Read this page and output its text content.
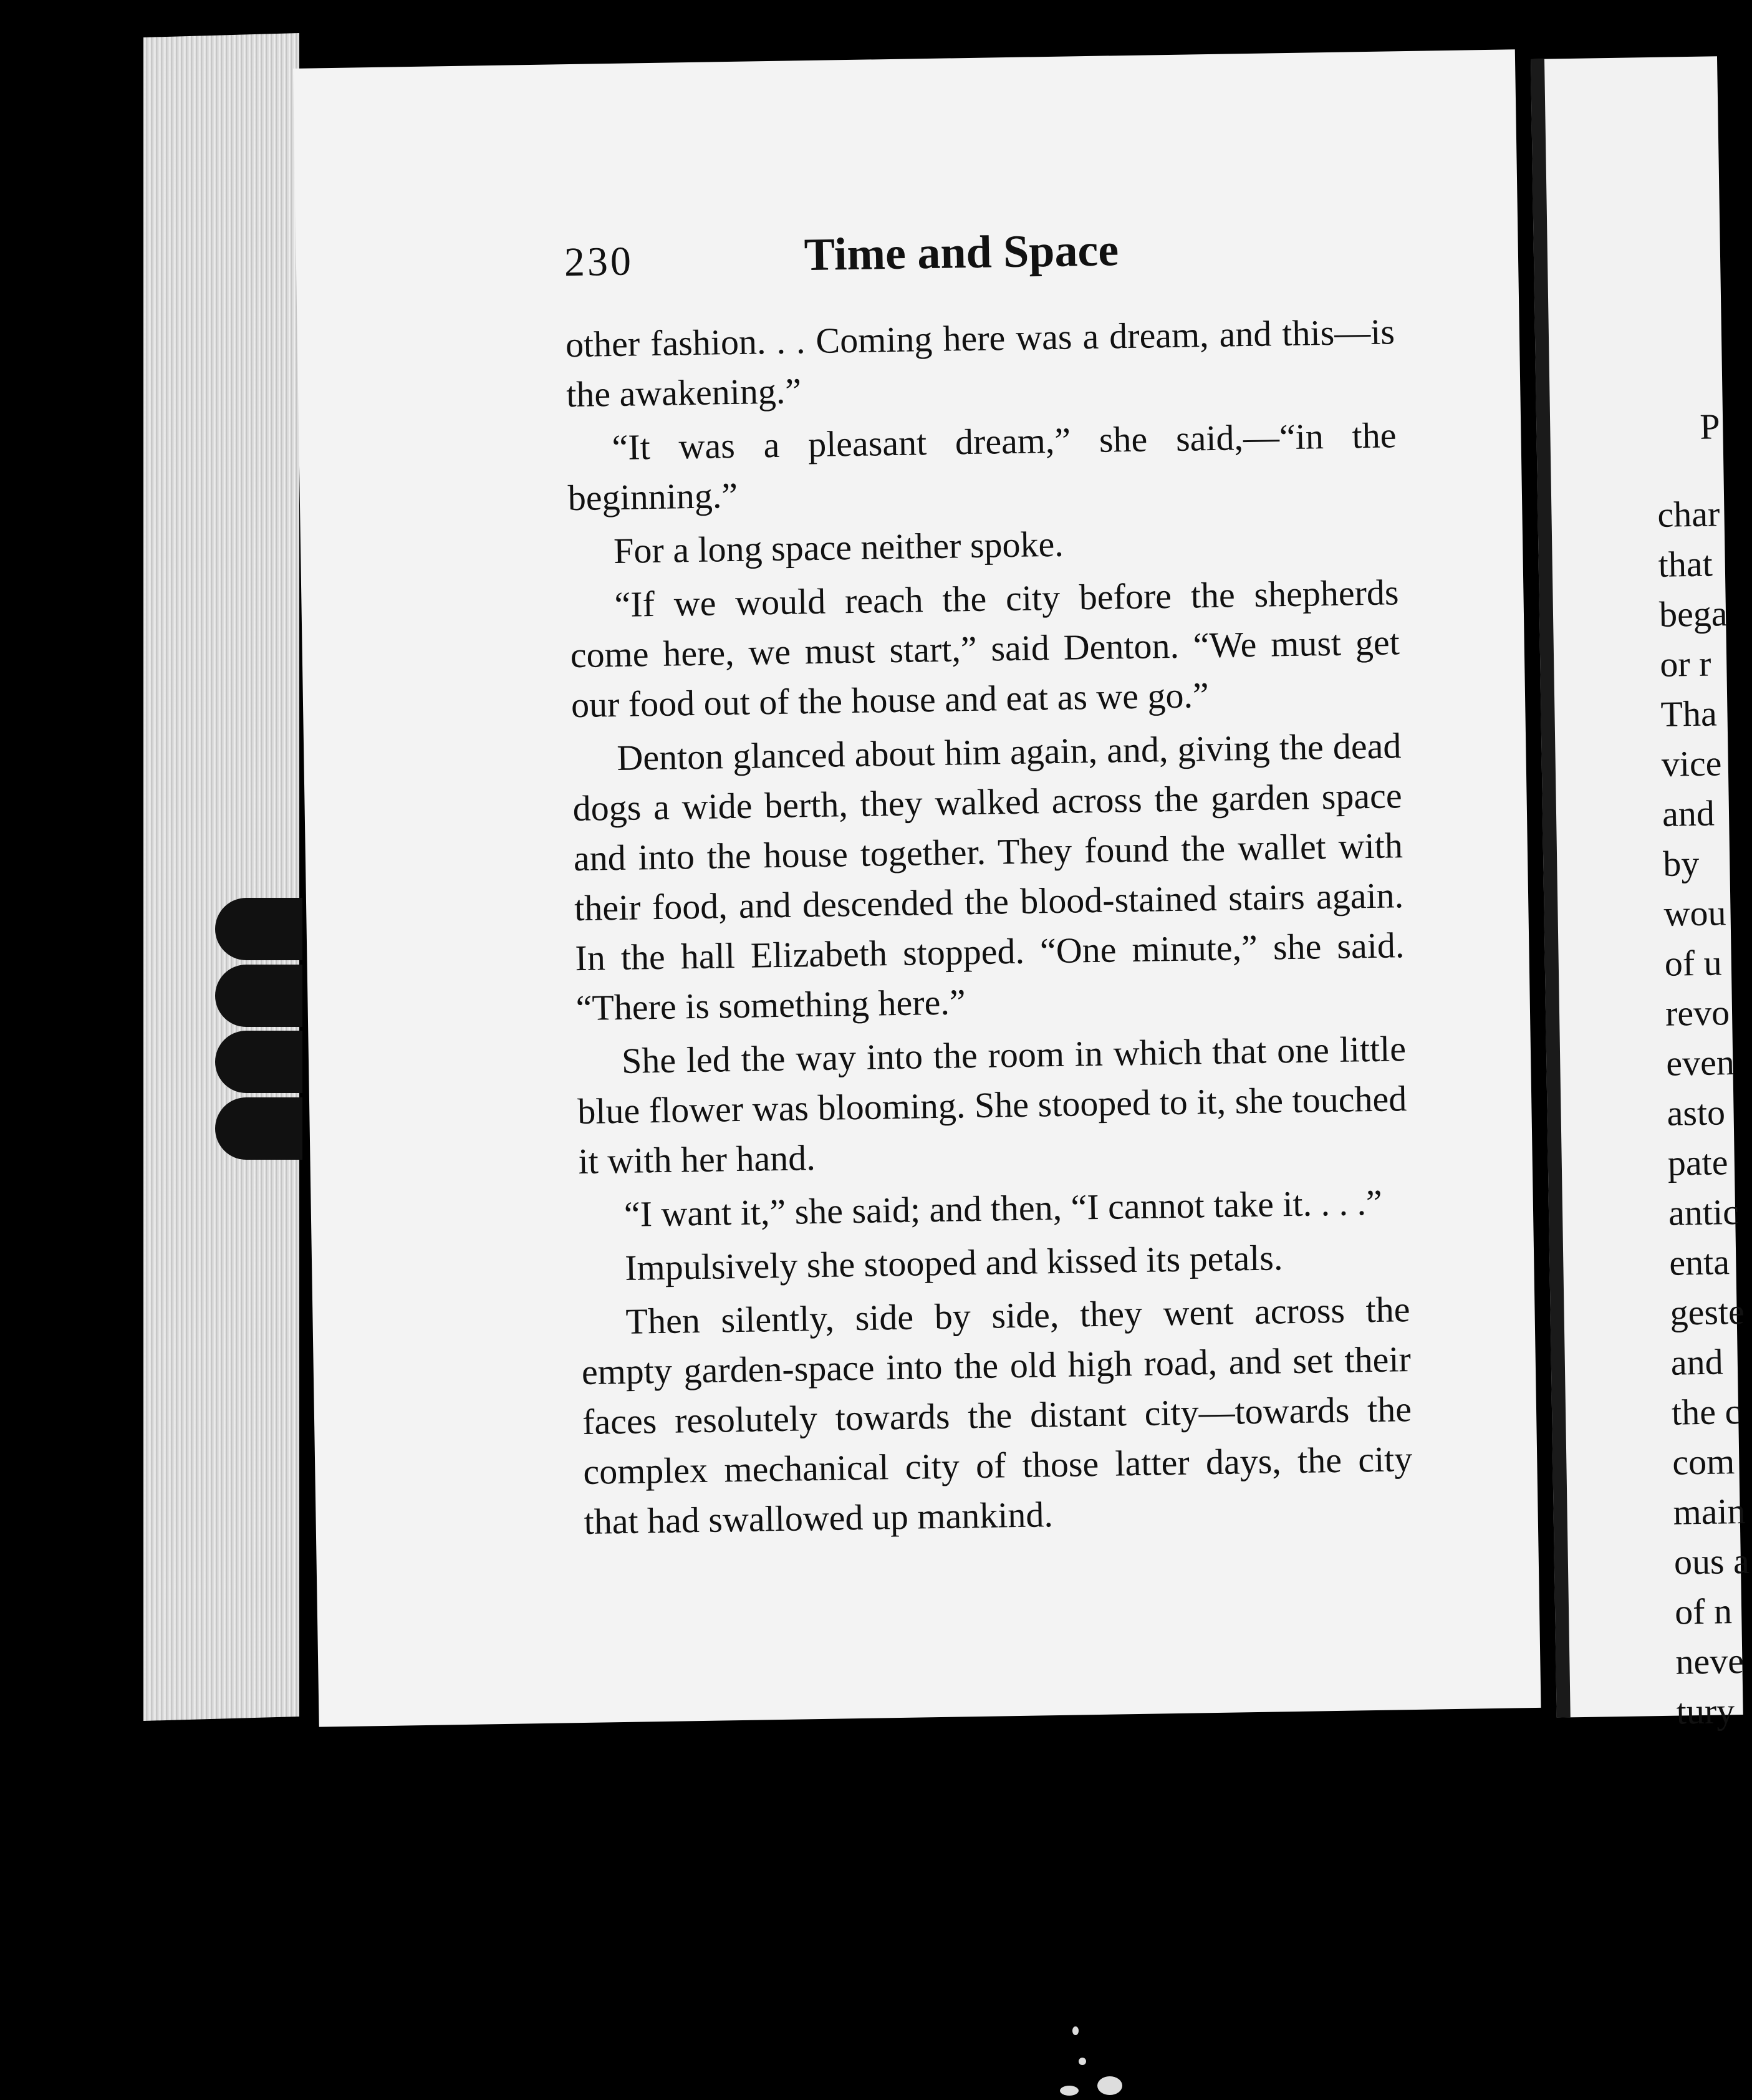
230	Time and Space

other fashion. . . Coming here was a dream, and this—is the awakening.”

“It was a pleasant dream,” she said,—“in the beginning.”

For a long space neither spoke.

“If we would reach the city before the shepherds come here, we must start,” said Denton. “We must get our food out of the house and eat as we go.”

Denton glanced about him again, and, giving the dead dogs a wide berth, they walked across the garden space and into the house together. They found the wallet with their food, and descended the blood-stained stairs again. In the hall Elizabeth stopped. “One minute,” she said. “There is something here.”

She led the way into the room in which that one little blue flower was blooming. She stooped to it, she touched it with her hand.

“I want it,” she said; and then, “I cannot take it. . . .”

Impulsively she stooped and kissed its petals.

Then silently, side by side, they went across the empty garden-space into the old high road, and set their faces resolutely towards the distant city—towards the complex mechanical city of those latter days, the city that had swallowed up mankind.

P
char
that
bega
or r
Tha
vice
and
by
wou
of u
revo
even
asto
pate
antic
enta
geste
and
the c
com
main
ous a
of n
neve
tury
